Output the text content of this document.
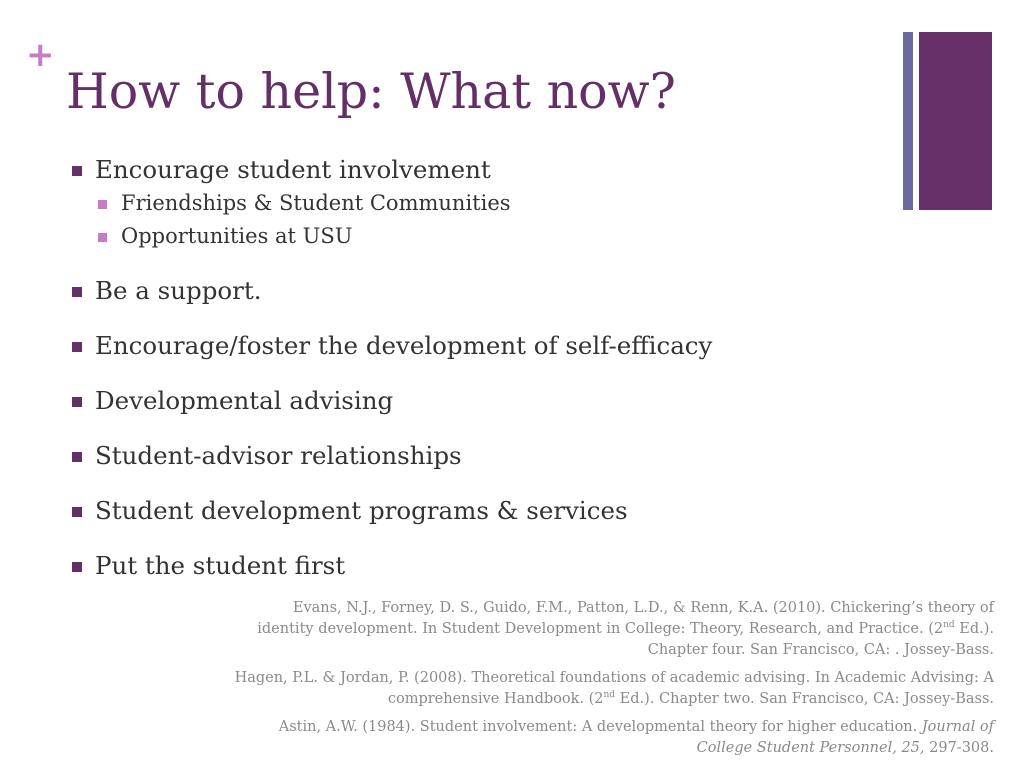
+
How to help: What now?
Encourage student involvement
Friendships & Student Communities
Opportunities at USU
Be a support.
Encourage/foster the development of self-efficacy
Developmental advising
Student-advisor relationships
Student development programs & services
Put the student first

Evans, N.J., Forney, D. S., Guido, F.M., Patton, L.D., & Renn, K.A. (2010). Chickering’s theory of identity development. In Student Development in College: Theory, Research, and Practice. (2nd Ed.). Chapter four. San Francisco, CA: . Jossey-Bass.

Hagen, P.L. & Jordan, P. (2008). Theoretical foundations of academic advising. In Academic Advising: A comprehensive Handbook. (2nd Ed.). Chapter two. San Francisco, CA: Jossey-Bass.

Astin, A.W. (1984). Student involvement: A developmental theory for higher education. Journal of College Student Personnel, 25, 297-308.
